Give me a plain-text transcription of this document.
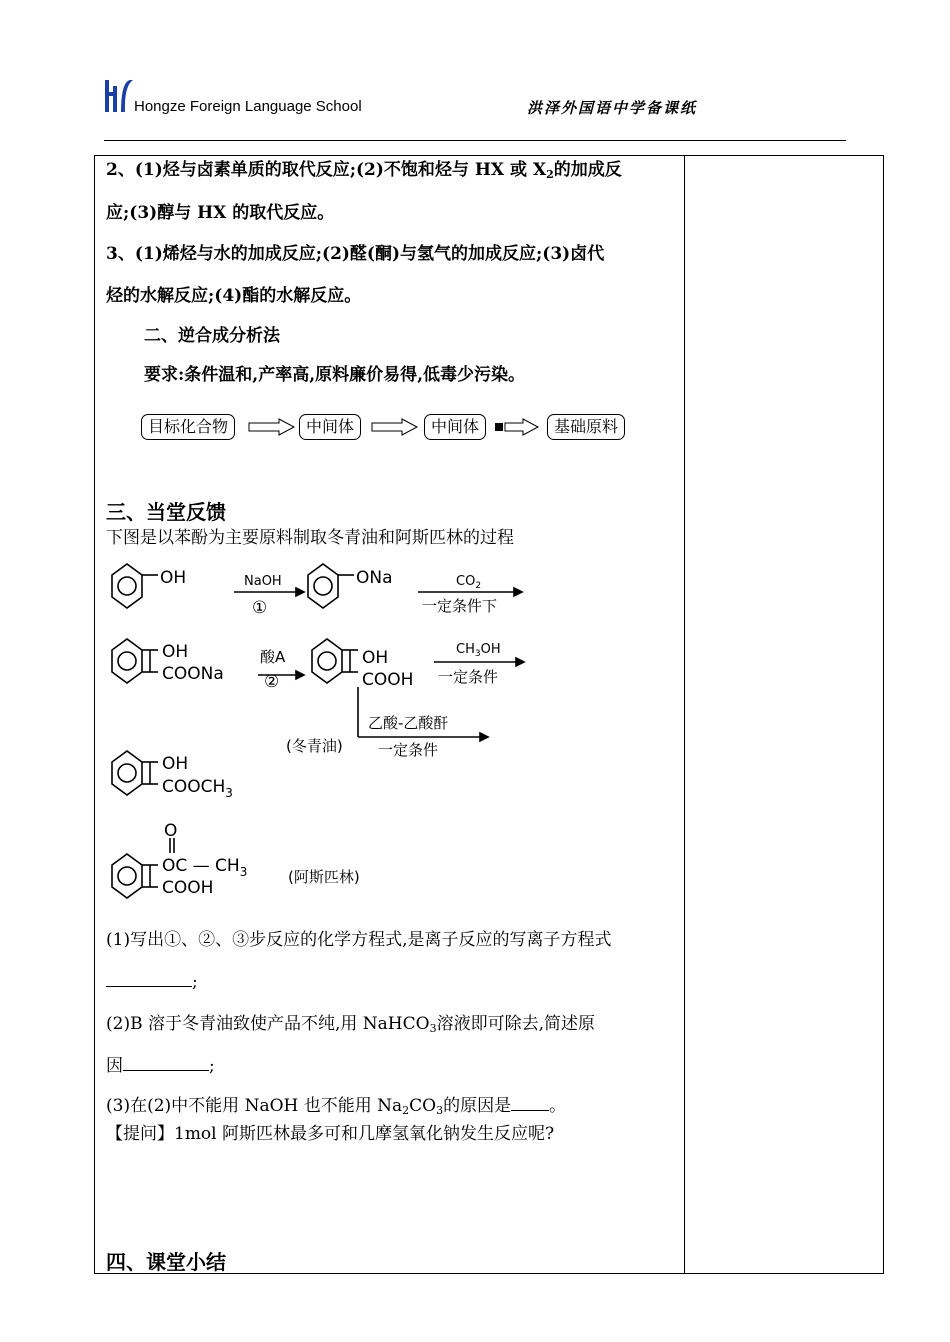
Hongze Foreign Language School	洪泽外国语中学备课纸
2、(1)烃与卤素单质的取代反应;(2)不饱和烃与 HX 或 $X_2$的加成反
应;(3)醇与 HX 的取代反应。
3、(1)烯烃与水的加成反应;(2)醛(酮)与氢气的加成反应;(3)卤代
烃的水解反应;(4)酯的水解反应。
二、逆合成分析法
要求:条件温和,产率高,原料廉价易得,低毒少污染。
目标化合物	中间体	中间体	基础原料
三、当堂反馈
下图是以苯酚为主要原料制取冬青油和阿斯匹林的过程
OH	NaOH
①
ONa	$CO_2$
一定条件下
OH
COONa
酸A
②
OH
COOH
$CH_3OH$
一定条件
乙酸-乙酸酐
一定条件
(冬青油)
OH
$COOCH_3$
O
OC — $CH_3$
COOH
(阿斯匹林)
(1)写出①、②、③步反应的化学方程式,是离子反应的写离子方程式
;
(2)B 溶于冬青油致使产品不纯,用 NaHCO$_3$溶液即可除去,简述原
因	;
(3)在(2)中不能用 NaOH 也不能用 $Na_2CO_3$的原因是 。
【提问】1mol 阿斯匹林最多可和几摩氢氧化钠发生反应呢?
四、课堂小结
